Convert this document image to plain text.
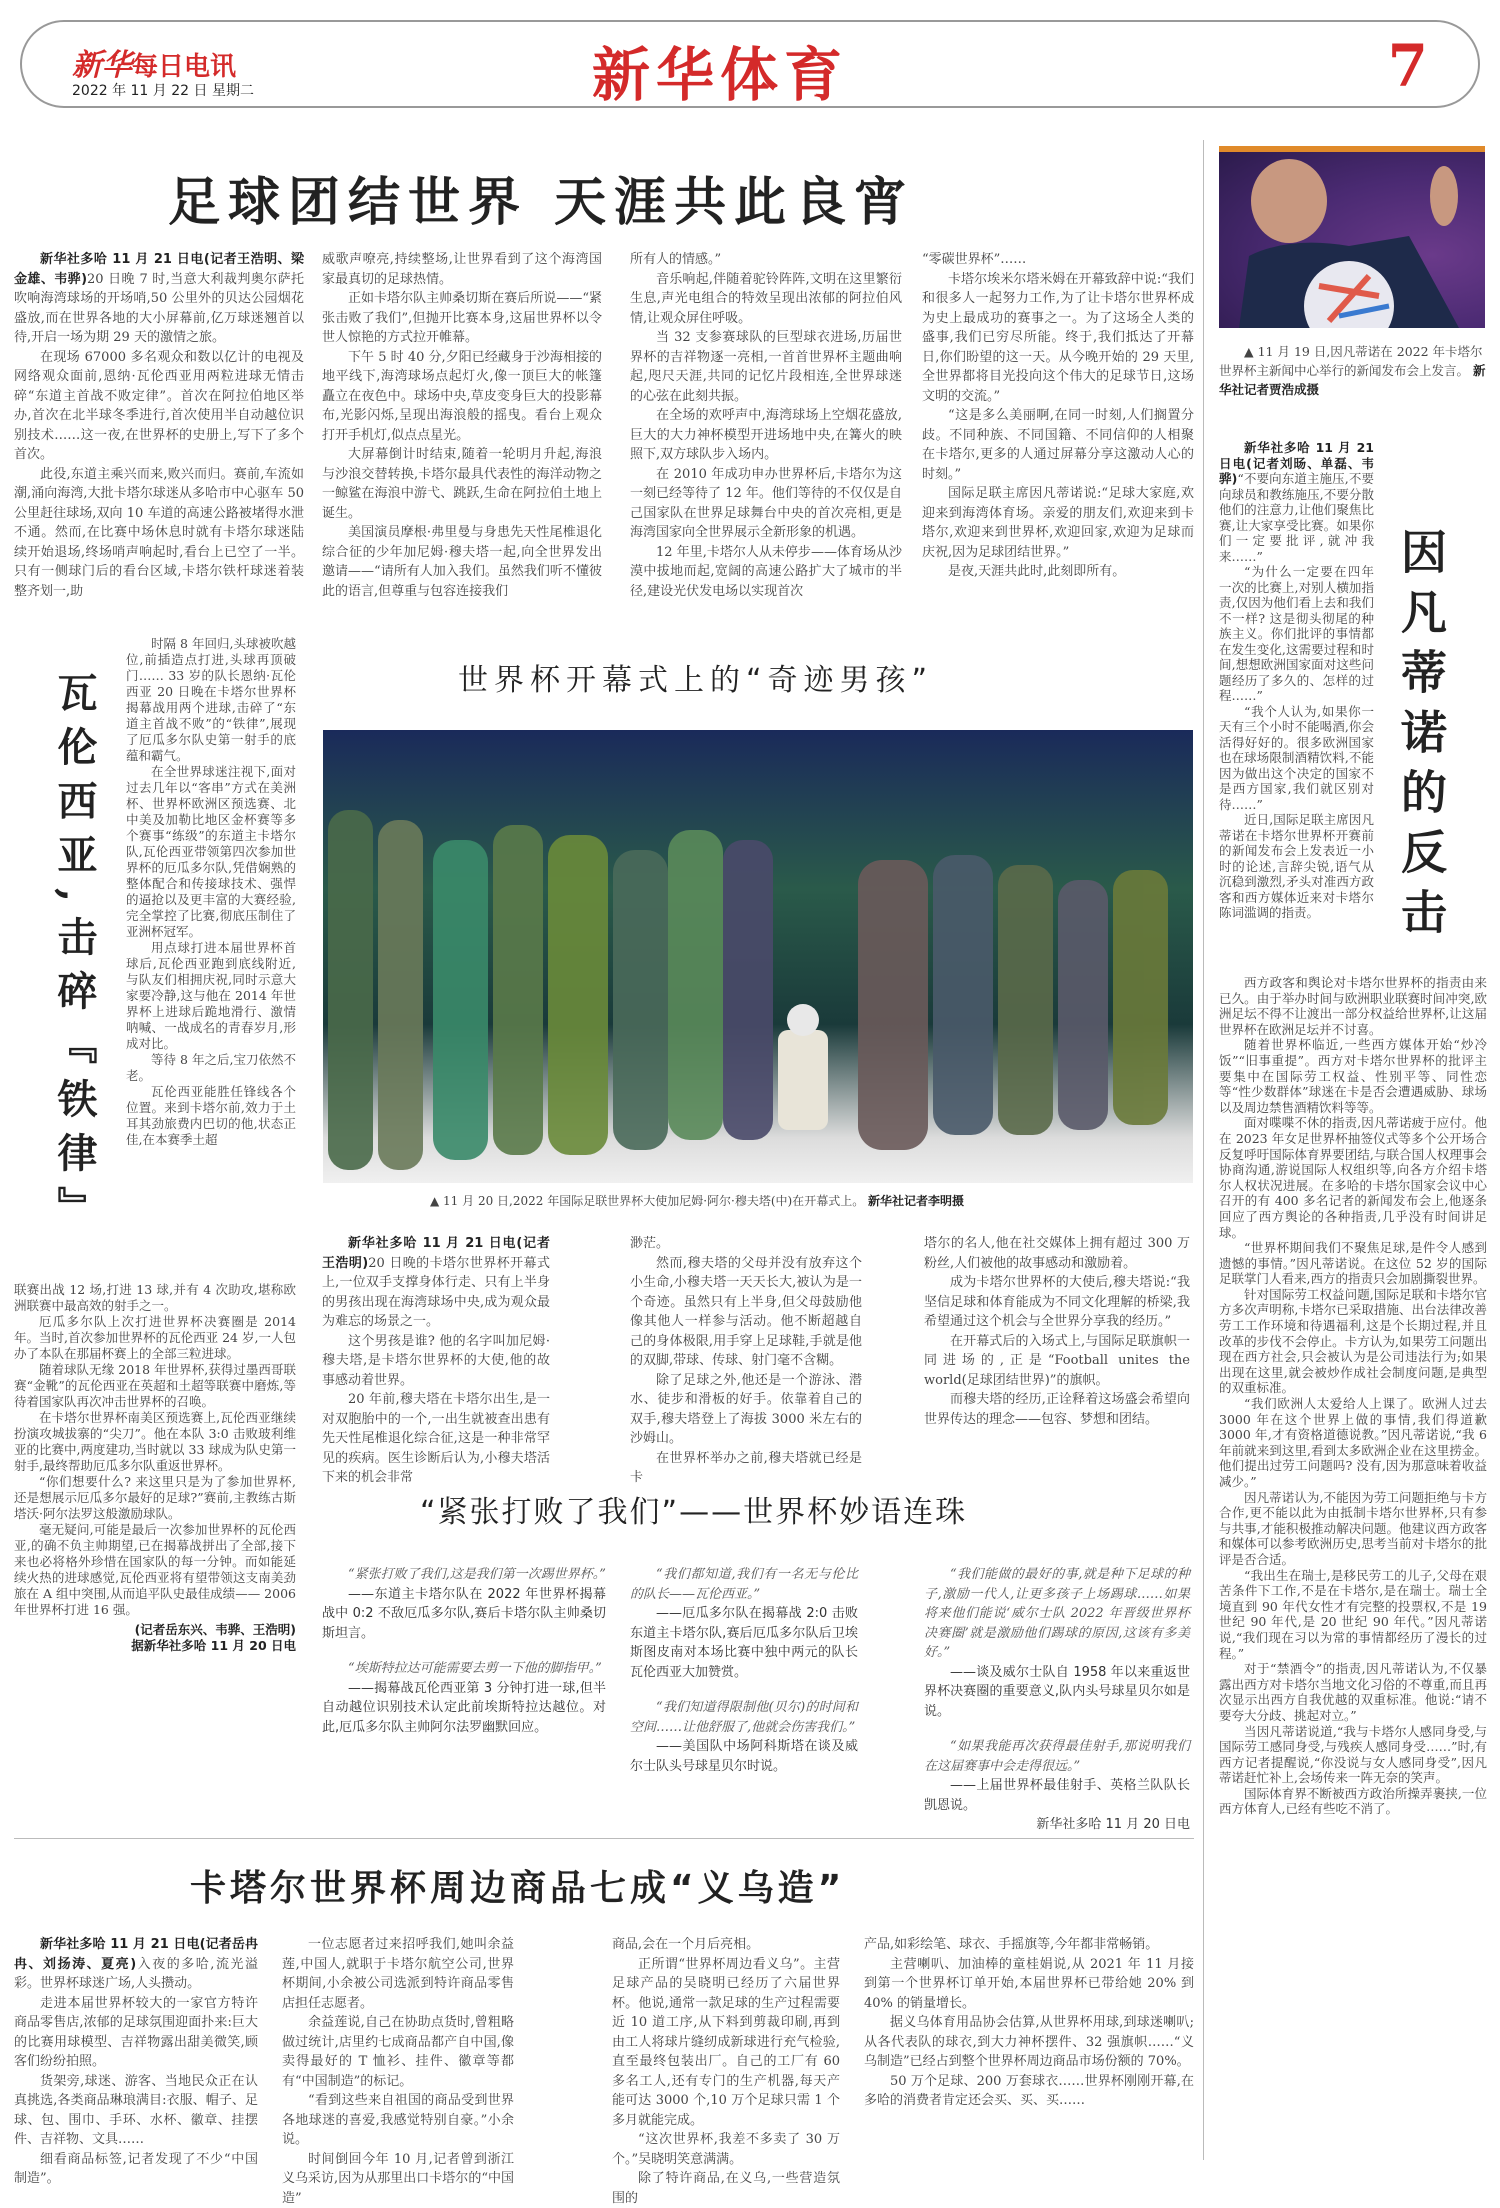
新华每日电讯
2022 年 11 月 22 日 星期二	新华体育	7
足球团结世界 天涯共此良宵

新华社多哈 11 月 21 日电(记者王浩明、梁金雄、韦骅)20 日晚 7 时,当意大利裁判奥尔萨托吹响海湾球场的开场哨,50 公里外的贝达公园烟花盛放,而在世界各地的大小屏幕前,亿万球迷翘首以待,开启一场为期 29 天的激情之旅。

在现场 67000 多名观众和数以亿计的电视及网络观众面前,恩纳·瓦伦西亚用两粒进球无情击碎“东道主首战不败定律”。首次在阿拉伯地区举办,首次在北半球冬季进行,首次使用半自动越位识别技术……这一夜,在世界杯的史册上,写下了多个首次。

此役,东道主乘兴而来,败兴而归。赛前,车流如潮,涌向海湾,大批卡塔尔球迷从多哈市中心驱车 50 公里赶往球场,双向 10 车道的高速公路被堵得水泄不通。然而,在比赛中场休息时就有卡塔尔球迷陆续开始退场,终场哨声响起时,看台上已空了一半。只有一侧球门后的看台区域,卡塔尔铁杆球迷着装整齐划一,助

威歌声嘹亮,持续整场,让世界看到了这个海湾国家最真切的足球热情。

正如卡塔尔队主帅桑切斯在赛后所说——“紧张击败了我们”,但抛开比赛本身,这届世界杯以令世人惊艳的方式拉开帷幕。

下午 5 时 40 分,夕阳已经藏身于沙海相接的地平线下,海湾球场点起灯火,像一顶巨大的帐篷矗立在夜色中。球场中央,草皮变身巨大的投影幕布,光影闪烁,呈现出海浪般的摇曳。看台上观众打开手机灯,似点点星光。

大屏幕倒计时结束,随着一轮明月升起,海浪与沙浪交替转换,卡塔尔最具代表性的海洋动物之一鲸鲨在海浪中游弋、跳跃,生命在阿拉伯土地上诞生。

美国演员摩根·弗里曼与身患先天性尾椎退化综合征的少年加尼姆·穆夫塔一起,向全世界发出邀请——“请所有人加入我们。虽然我们听不懂彼此的语言,但尊重与包容连接我们

所有人的情感。”

音乐响起,伴随着驼铃阵阵,文明在这里繁衍生息,声光电组合的特效呈现出浓郁的阿拉伯风情,让观众屏住呼吸。

当 32 支参赛球队的巨型球衣进场,历届世界杯的吉祥物逐一亮相,一首首世界杯主题曲响起,咫尺天涯,共同的记忆片段相连,全世界球迷的心弦在此刻共振。

在全场的欢呼声中,海湾球场上空烟花盛放,巨大的大力神杯模型开进场地中央,在篝火的映照下,双方球队步入场内。

在 2010 年成功申办世界杯后,卡塔尔为这一刻已经等待了 12 年。他们等待的不仅仅是自己国家队在世界足球舞台中央的首次亮相,更是海湾国家向全世界展示全新形象的机遇。

12 年里,卡塔尔人从未停步——体育场从沙漠中拔地而起,宽阔的高速公路扩大了城市的半径,建设光伏发电场以实现首次

“零碳世界杯”……

卡塔尔埃米尔塔米姆在开幕致辞中说:“我们和很多人一起努力工作,为了让卡塔尔世界杯成为史上最成功的赛事之一。为了这场全人类的盛事,我们已穷尽所能。终于,我们抵达了开幕日,你们盼望的这一天。从今晚开始的 29 天里,全世界都将目光投向这个伟大的足球节日,这场文明的交流。”

“这是多么美丽啊,在同一时刻,人们搁置分歧。不同种族、不同国籍、不同信仰的人相聚在卡塔尔,更多的人通过屏幕分享这激动人心的时刻。”

国际足联主席因凡蒂诺说:“足球大家庭,欢迎来到海湾体育场。亲爱的朋友们,欢迎来到卡塔尔,欢迎来到世界杯,欢迎回家,欢迎为足球而庆祝,因为足球团结世界。”

是夜,天涯共此时,此刻即所有。

▲ 11 月 19 日,因凡蒂诺在 2022 年卡塔尔世界杯主新闻中心举行的新闻发布会上发言。 新华社记者贾浩成摄
因凡蒂诺的反击

新华社多哈 11 月 21 日电(记者刘旸、单磊、韦骅)“不要向东道主施压,不要向球员和教练施压,不要分散他们的注意力,让他们聚焦比赛,让大家享受比赛。如果你们一定要批评,就冲我来……”

“为什么一定要在四年一次的比赛上,对别人横加指责,仅因为他们看上去和我们不一样? 这是彻头彻尾的种族主义。你们批评的事情都在发生变化,这需要过程和时间,想想欧洲国家面对这些问题经历了多久的、怎样的过程……”

“我个人认为,如果你一天有三个小时不能喝酒,你会活得好好的。很多欧洲国家也在球场限制酒精饮料,不能因为做出这个决定的国家不是西方国家,我们就区别对待……”

近日,国际足联主席因凡蒂诺在卡塔尔世界杯开赛前的新闻发布会上发表近一小时的论述,言辞尖锐,语气从沉稳到激烈,矛头对准西方政客和西方媒体近来对卡塔尔陈词滥调的指责。

西方政客和舆论对卡塔尔世界杯的指责由来已久。由于举办时间与欧洲职业联赛时间冲突,欧洲足坛不得不让渡出一部分权益给世界杯,让这届世界杯在欧洲足坛并不讨喜。

随着世界杯临近,一些西方媒体开始“炒冷饭”“旧事重提”。西方对卡塔尔世界杯的批评主要集中在国际劳工权益、性别平等、同性恋等“性少数群体”球迷在卡是否会遭遇威胁、球场以及周边禁售酒精饮料等等。

面对喋喋不休的指责,因凡蒂诺疲于应付。他在 2023 年女足世界杯抽签仪式等多个公开场合反复呼吁国际体育界要团结,与联合国人权理事会协商沟通,游说国际人权组织等,向各方介绍卡塔尔人权状况进展。在多哈的卡塔尔国家会议中心召开的有 400 多名记者的新闻发布会上,他逐条回应了西方舆论的各种指责,几乎没有时间讲足球。

“世界杯期间我们不聚焦足球,是件令人感到遗憾的事情。”因凡蒂诺说。在这位 52 岁的国际足联掌门人看来,西方的指责只会加剧撕裂世界。

针对国际劳工权益问题,国际足联和卡塔尔官方多次声明称,卡塔尔已采取措施、出台法律改善劳工工作环境和待遇福利,这是个长期过程,并且改革的步伐不会停止。卡方认为,如果劳工问题出现在西方社会,只会被认为是公司违法行为;如果出现在这里,就会被炒作成社会制度问题,是典型的双重标准。

“我们欧洲人太爱给人上课了。欧洲人过去 3000 年在这个世界上做的事情,我们得道歉 3000 年,才有资格道德说教。”因凡蒂诺说,“我 6 年前就来到这里,看到太多欧洲企业在这里捞金。他们提出过劳工问题吗? 没有,因为那意味着收益减少。”

因凡蒂诺认为,不能因为劳工问题拒绝与卡方合作,更不能以此为由抵制卡塔尔世界杯,只有参与共事,才能积极推动解决问题。他建议西方政客和媒体可以参考欧洲历史,思考当前对卡塔尔的批评是否合适。

“我出生在瑞士,是移民劳工的儿子,父母在艰苦条件下工作,不是在卡塔尔,是在瑞士。瑞士全境直到 90 年代女性才有完整的投票权,不是 19 世纪 90 年代,是 20 世纪 90 年代。”因凡蒂诺说,“我们现在习以为常的事情都经历了漫长的过程。”

对于“禁酒令”的指责,因凡蒂诺认为,不仅暴露出西方对卡塔尔当地文化习俗的不尊重,而且再次显示出西方自我优越的双重标准。他说:“请不要夸大分歧、挑起对立。”

当因凡蒂诺说道,“我与卡塔尔人感同身受,与国际劳工感同身受,与残疾人感同身受……”时,有西方记者提醒说,“你没说与女人感同身受”,因凡蒂诺赶忙补上,会场传来一阵无奈的笑声。

国际体育界不断被西方政治所操弄裹挟,一位西方体育人,已经有些吃不消了。

瓦伦西亚,击碎『铁律』

时隔 8 年回归,头球被吹越位,前插造点打进,头球再顶破门…… 33 岁的队长恩纳·瓦伦西亚 20 日晚在卡塔尔世界杯揭幕战用两个进球,击碎了“东道主首战不败”的“铁律”,展现了厄瓜多尔队史第一射手的底蕴和霸气。

在全世界球迷注视下,面对过去几年以“客串”方式在美洲杯、世界杯欧洲区预选赛、北中美及加勒比地区金杯赛等多个赛事“练级”的东道主卡塔尔队,瓦伦西亚带领第四次参加世界杯的厄瓜多尔队,凭借娴熟的整体配合和传接球技术、强悍的逼抢以及更丰富的大赛经验,完全掌控了比赛,彻底压制住了亚洲杯冠军。

用点球打进本届世界杯首球后,瓦伦西亚跑到底线附近,与队友们相拥庆祝,同时示意大家要冷静,这与他在 2014 年世界杯上进球后跪地滑行、激情呐喊、一战成名的青春岁月,形成对比。

等待 8 年之后,宝刀依然不老。

瓦伦西亚能胜任锋线各个位置。来到卡塔尔前,效力于土耳其劲旅费内巴切的他,状态正佳,在本赛季土超

联赛出战 12 场,打进 13 球,并有 4 次助攻,堪称欧洲联赛中最高效的射手之一。

厄瓜多尔队上次打进世界杯决赛圈是 2014 年。当时,首次参加世界杯的瓦伦西亚 24 岁,一人包办了本队在那届杯赛上的全部三粒进球。

随着球队无缘 2018 年世界杯,获得过墨西哥联赛“金靴”的瓦伦西亚在英超和土超等联赛中磨炼,等待着国家队再次冲击世界杯的召唤。

在卡塔尔世界杯南美区预选赛上,瓦伦西亚继续扮演攻城拔寨的“尖刀”。他在本队 3:0 击败玻利维亚的比赛中,两度建功,当时就以 33 球成为队史第一射手,最终帮助厄瓜多尔队重返世界杯。

“你们想要什么? 来这里只是为了参加世界杯,还是想展示厄瓜多尔最好的足球?”赛前,主教练古斯塔沃·阿尔法罗这般激励球队。

毫无疑问,可能是最后一次参加世界杯的瓦伦西亚,的确不负主帅期望,已在揭幕战拼出了全部,接下来也必将格外珍惜在国家队的每一分钟。而如能延续火热的进球感觉,瓦伦西亚将有望带领这支南美劲旅在 A 组中突围,从而追平队史最佳成绩—— 2006 年世界杯打进 16 强。

(记者岳东兴、韦骅、王浩明)

据新华社多哈 11 月 20 日电

世界杯开幕式上的“奇迹男孩”
▲ 11 月 20 日,2022 年国际足联世界杯大使加尼姆·阿尔·穆夫塔(中)在开幕式上。 新华社记者李明摄

新华社多哈 11 月 21 日电(记者王浩明)20 日晚的卡塔尔世界杯开幕式上,一位双手支撑身体行走、只有上半身的男孩出现在海湾球场中央,成为观众最为难忘的场景之一。

这个男孩是谁? 他的名字叫加尼姆·穆夫塔,是卡塔尔世界杯的大使,他的故事感动着世界。

20 年前,穆夫塔在卡塔尔出生,是一对双胞胎中的一个,一出生就被查出患有先天性尾椎退化综合征,这是一种非常罕见的疾病。医生诊断后认为,小穆夫塔活下来的机会非常

渺茫。

然而,穆夫塔的父母并没有放弃这个小生命,小穆夫塔一天天长大,被认为是一个奇迹。虽然只有上半身,但父母鼓励他像其他人一样参与活动。他不断超越自己的身体极限,用手穿上足球鞋,手就是他的双脚,带球、传球、射门毫不含糊。

除了足球之外,他还是一个游泳、潜水、徒步和滑板的好手。依靠着自己的双手,穆夫塔登上了海拔 3000 米左右的沙姆山。

在世界杯举办之前,穆夫塔就已经是卡

塔尔的名人,他在社交媒体上拥有超过 300 万粉丝,人们被他的故事感动和激励着。

成为卡塔尔世界杯的大使后,穆夫塔说:“我坚信足球和体育能成为不同文化理解的桥梁,我希望通过这个机会与全世界分享我的经历。”

在开幕式后的入场式上,与国际足联旗帜一同进场的,正是“Football unites the world(足球团结世界)”的旗帜。

而穆夫塔的经历,正诠释着这场盛会希望向世界传达的理念——包容、梦想和团结。

“紧张打败了我们”——世界杯妙语连珠

“紧张打败了我们,这是我们第一次踢世界杯。”

——东道主卡塔尔队在 2022 年世界杯揭幕战中 0:2 不敌厄瓜多尔队,赛后卡塔尔队主帅桑切斯坦言。

“埃斯特拉达可能需要去剪一下他的脚指甲。”

——揭幕战瓦伦西亚第 3 分钟打进一球,但半自动越位识别技术认定此前埃斯特拉达越位。对此,厄瓜多尔队主帅阿尔法罗幽默回应。

“我们都知道,我们有一名无与伦比的队长——瓦伦西亚。”

——厄瓜多尔队在揭幕战 2:0 击败东道主卡塔尔队,赛后厄瓜多尔队后卫埃斯图皮南对本场比赛中独中两元的队长瓦伦西亚大加赞赏。

“我们知道得限制他(贝尔)的时间和空间……让他舒服了,他就会伤害我们。”

——美国队中场阿科斯塔在谈及威尔士队头号球星贝尔时说。

“我们能做的最好的事,就是种下足球的种子,激励一代人,让更多孩子上场踢球……如果将来他们能说‘威尔士队 2022 年晋级世界杯决赛圈’就是激励他们踢球的原因,这该有多美好。”

——谈及威尔士队自 1958 年以来重返世界杯决赛圈的重要意义,队内头号球星贝尔如是说。

“如果我能再次获得最佳射手,那说明我们在这届赛事中会走得很远。”

——上届世界杯最佳射手、英格兰队队长凯恩说。

新华社多哈 11 月 20 日电

卡塔尔世界杯周边商品七成“义乌造”

新华社多哈 11 月 21 日电(记者岳冉冉、刘扬涛、夏亮)入夜的多哈,流光溢彩。世界杯球迷广场,人头攒动。

走进本届世界杯较大的一家官方特许商品零售店,浓郁的足球氛围迎面扑来:巨大的比赛用球模型、吉祥物露出甜美微笑,顾客们纷纷拍照。

货架旁,球迷、游客、当地民众正在认真挑选,各类商品琳琅满目:衣服、帽子、足球、包、围巾、手环、水杯、徽章、挂摆件、吉祥物、文具……

细看商品标签,记者发现了不少“中国制造”。

一位志愿者过来招呼我们,她叫余益莲,中国人,就职于卡塔尔航空公司,世界杯期间,小余被公司选派到特许商品零售店担任志愿者。

余益莲说,自己在协助点货时,曾粗略做过统计,店里约七成商品都产自中国,像卖得最好的 T 恤衫、挂件、徽章等都有“中国制造”的标记。

“看到这些来自祖国的商品受到世界各地球迷的喜爱,我感觉特别自豪。”小余说。

时间倒回今年 10 月,记者曾到浙江义乌采访,因为从那里出口卡塔尔的“中国造”

商品,会在一个月后亮相。

正所谓“世界杯周边看义乌”。主营足球产品的吴晓明已经历了六届世界杯。他说,通常一款足球的生产过程需要近 10 道工序,从下料到剪裁印刷,再到由工人将球片缝纫成新球进行充气检验,直至最终包装出厂。自己的工厂有 60 多名工人,还有专门的生产机器,每天产能可达 3000 个,10 万个足球只需 1 个多月就能完成。

“这次世界杯,我差不多卖了 30 万个。”吴晓明笑意满满。

除了特许商品,在义乌,一些营造氛围的

产品,如彩绘笔、球衣、手摇旗等,今年都非常畅销。

主营喇叭、加油棒的童桂娟说,从 2021 年 11 月接到第一个世界杯订单开始,本届世界杯已带给她 20% 到 40% 的销量增长。

据义乌体育用品协会估算,从世界杯用球,到球迷喇叭;从各代表队的球衣,到大力神杯摆件、32 强旗帜……“义乌制造”已经占到整个世界杯周边商品市场份额的 70%。

50 万个足球、200 万套球衣……世界杯刚刚开幕,在多哈的消费者肯定还会买、买、买……
